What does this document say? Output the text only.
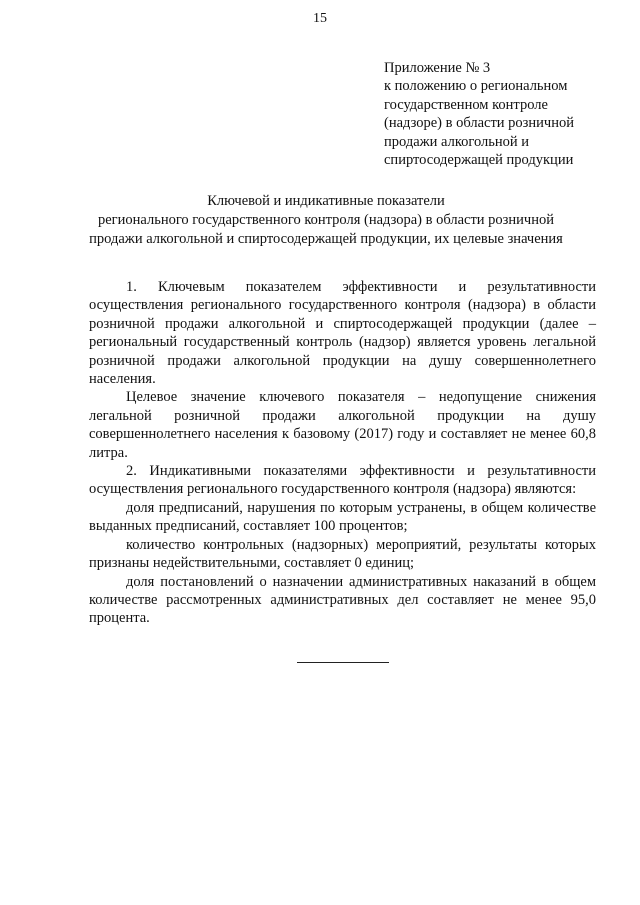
15
Приложение № 3
к положению о региональном
государственном контроле
(надзоре) в области розничной
продажи алкогольной и
спиртосодержащей продукции
Ключевой и индикативные показатели
регионального государственного контроля (надзора) в области розничной
продажи алкогольной и спиртосодержащей продукции, их целевые значения

1. Ключевым показателем эффективности и результативности осуществления регионального государственного контроля (надзора) в области розничной продажи алкогольной и спиртосодержащей продукции (далее – региональный государственный контроль (надзор) является уровень легальной розничной продажи алкогольной продукции на душу совершеннолетнего населения.

Целевое значение ключевого показателя – недопущение снижения легальной розничной продажи алкогольной продукции на душу совершеннолетнего населения к базовому (2017) году и составляет не менее 60,8 литра.

2. Индикативными показателями эффективности и результативности осуществления регионального государственного контроля (надзора) являются:

доля предписаний, нарушения по которым устранены, в общем количестве выданных предписаний, составляет 100 процентов;

количество контрольных (надзорных) мероприятий, результаты которых признаны недействительными, составляет 0 единиц;

доля постановлений о назначении административных наказаний в общем количестве рассмотренных административных дел составляет не менее 95,0 процента.
